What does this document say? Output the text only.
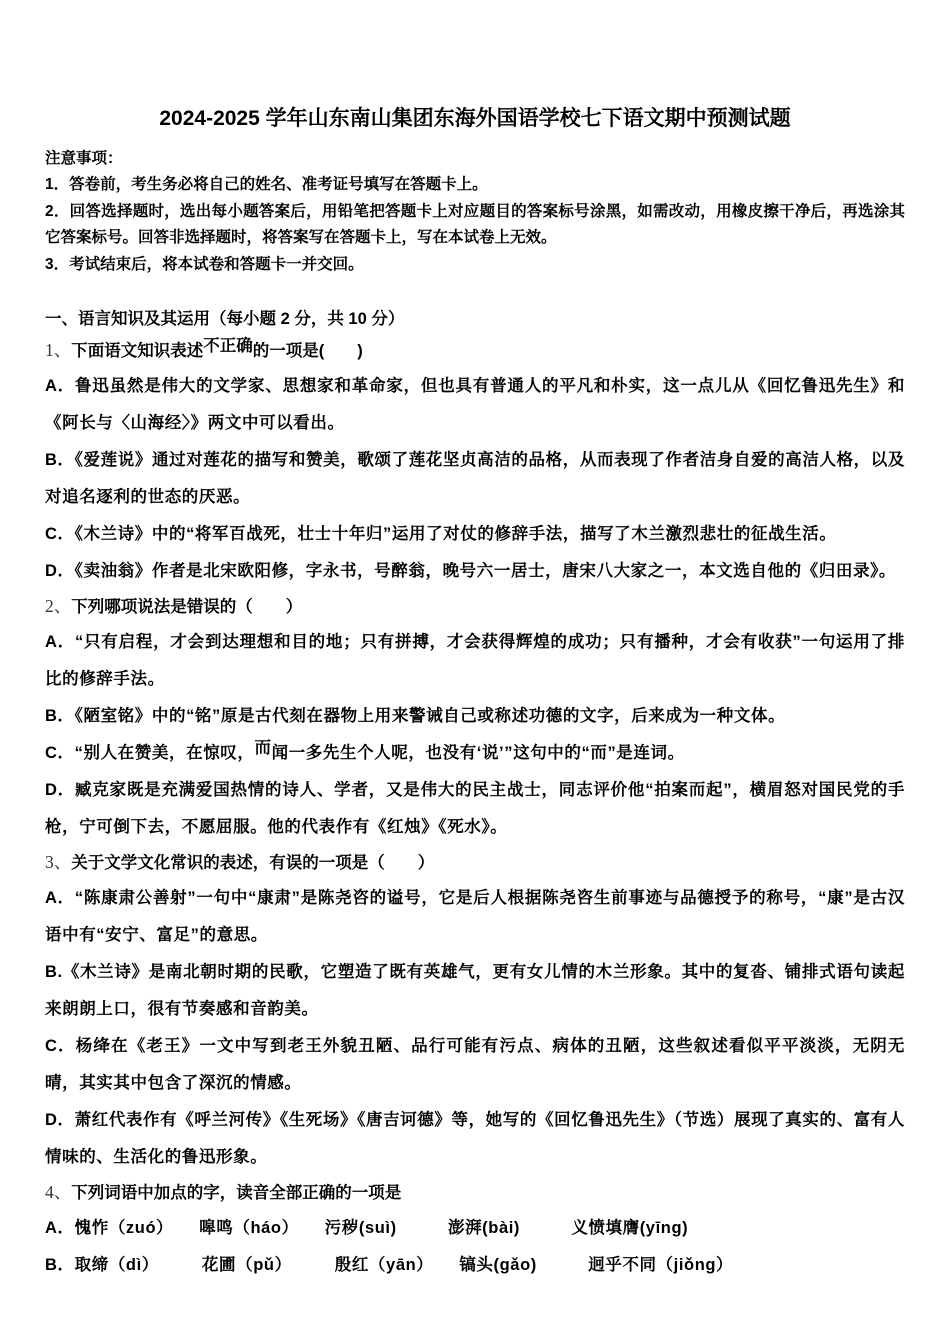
2024-2025 学年山东南山集团东海外国语学校七下语文期中预测试题

注意事项：

1．答卷前，考生务必将自己的姓名、准考证号填写在答题卡上。

2．回答选择题时，选出每小题答案后，用铅笔把答题卡上对应题目的答案标号涂黑，如需改动，用橡皮擦干净后，再选涂其它答案标号。回答非选择题时，将答案写在答题卡上，写在本试卷上无效。

3．考试结束后，将本试卷和答题卡一并交回。

一、语言知识及其运用（每小题 2 分，共 10 分）

1、下面语文知识表述不正确的一项是(　　)

A．鲁迅虽然是伟大的文学家、思想家和革命家，但也具有普通人的平凡和朴实，这一点儿从《回忆鲁迅先生》和《阿长与〈山海经〉》两文中可以看出。

B．《爱莲说》通过对莲花的描写和赞美，歌颂了莲花坚贞高洁的品格，从而表现了作者洁身自爱的高洁人格，以及对追名逐利的世态的厌恶。

C．《木兰诗》中的“将军百战死，壮士十年归”运用了对仗的修辞手法，描写了木兰激烈悲壮的征战生活。

D．《卖油翁》作者是北宋欧阳修，字永书，号醉翁，晚号六一居士，唐宋八大家之一，本文选自他的《归田录》。

2、下列哪项说法是错误的（　　）

A．“只有启程，才会到达理想和目的地；只有拼搏，才会获得辉煌的成功；只有播种，才会有收获”一句运用了排比的修辞手法。

B．《陋室铭》中的“铭”原是古代刻在器物上用来警诫自己或称述功德的文字，后来成为一种文体。

C．“别人在赞美，在惊叹，而闻一多先生个人呢，也没有‘说’”这句中的“而”是连词。

D．臧克家既是充满爱国热情的诗人、学者，又是伟大的民主战士，同志评价他“拍案而起”，横眉怒对国民党的手枪，宁可倒下去，不愿屈服。他的代表作有《红烛》《死水》。

3、关于文学文化常识的表述，有误的一项是（　　）

A．“陈康肃公善射”一句中“康肃”是陈尧咨的谥号，它是后人根据陈尧咨生前事迹与品德授予的称号，“康”是古汉语中有“安宁、富足”的意思。

B.《木兰诗》是南北朝时期的民歌，它塑造了既有英雄气，更有女儿情的木兰形象。其中的复沓、铺排式语句读起来朗朗上口，很有节奏感和音韵美。

C．杨绛在《老王》一文中写到老王外貌丑陋、品行可能有污点、病体的丑陋，这些叙述看似平平淡淡，无阴无晴，其实其中包含了深沉的情感。

D．萧红代表作有《呼兰河传》《生死场》《唐吉诃德》等，她写的《回忆鲁迅先生》（节选）展现了真实的、富有人情味的、生活化的鲁迅形象。

4、下列词语中加点的字，读音全部正确的一项是

A．愧怍（zuó）　　嗥鸣（háo）　　污秽(suì)　　　澎湃(bài)　　　义愤填膺(yīng)

B．取缔（dì）　　　花圃（pǔ）　　　殷红（yān）　　镐头(gǎo)　　　迥乎不同（jiǒng）
